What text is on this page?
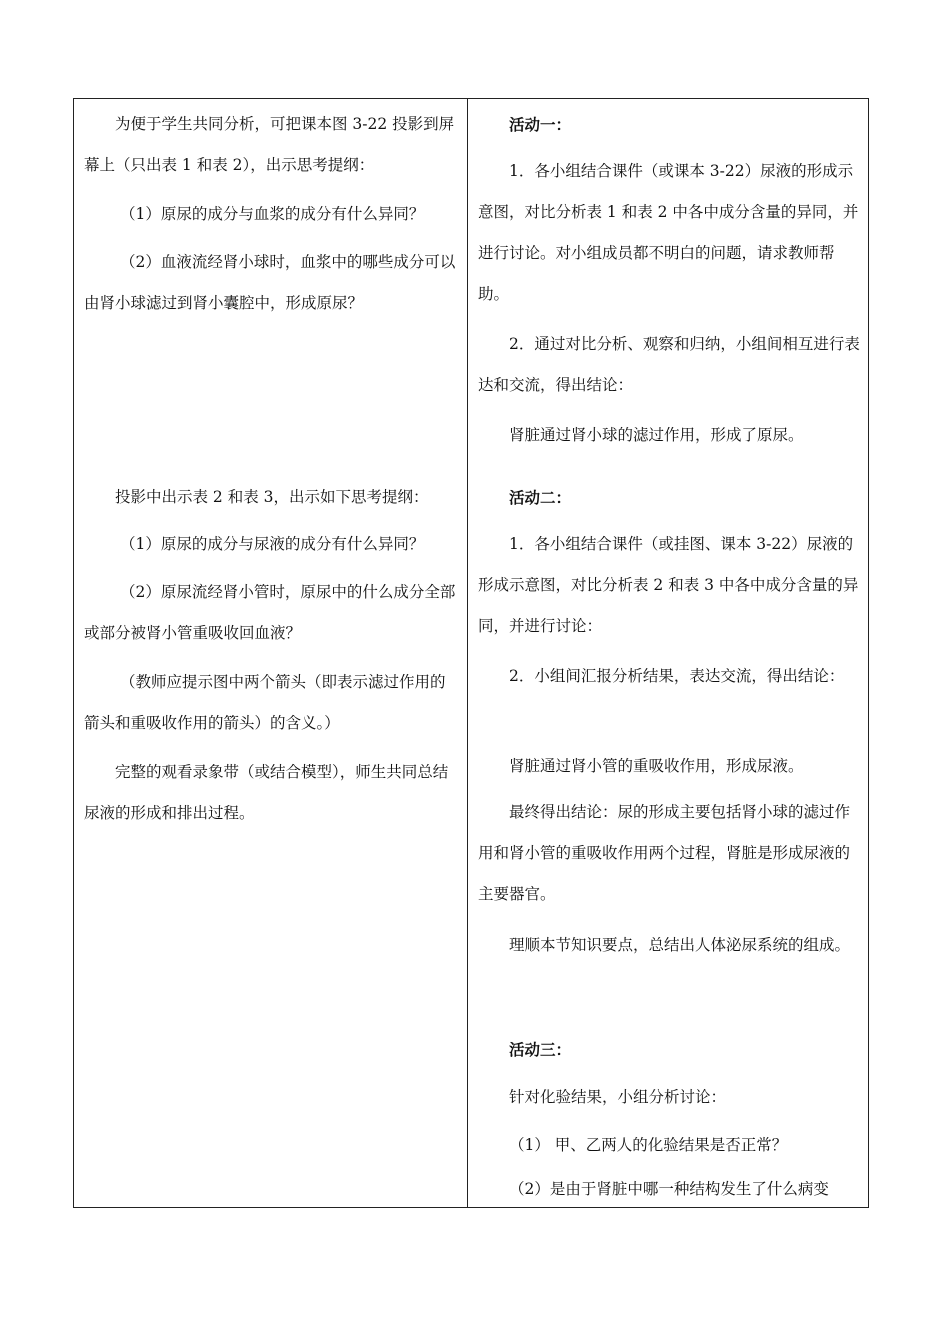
为便于学生共同分析，可把课本图 3-22 投影到屏幕上（只出表 1 和表 2），出示思考提纲：

（1）原尿的成分与血浆的成分有什么异同？

（2）血液流经肾小球时，血浆中的哪些成分可以由肾小球滤过到肾小囊腔中，形成原尿？

投影中出示表 2 和表 3，出示如下思考提纲：

（1）原尿的成分与尿液的成分有什么异同？

（2）原尿流经肾小管时，原尿中的什么成分全部或部分被肾小管重吸收回血液？

（教师应提示图中两个箭头（即表示滤过作用的箭头和重吸收作用的箭头）的含义。）

完整的观看录象带（或结合模型），师生共同总结尿液的形成和排出过程。

活动一：

1．各小组结合课件（或课本 3-22）尿液的形成示意图，对比分析表 1 和表 2 中各中成分含量的异同，并进行讨论。对小组成员都不明白的问题，请求教师帮助。

2．通过对比分析、观察和归纳，小组间相互进行表达和交流，得出结论：

肾脏通过肾小球的滤过作用，形成了原尿。

活动二：

1．各小组结合课件（或挂图、课本 3-22）尿液的形成示意图，对比分析表 2 和表 3 中各中成分含量的异同，并进行讨论：

2．小组间汇报分析结果，表达交流，得出结论：

肾脏通过肾小管的重吸收作用，形成尿液。

最终得出结论：尿的形成主要包括肾小球的滤过作用和肾小管的重吸收作用两个过程，肾脏是形成尿液的主要器官。

理顺本节知识要点，总结出人体泌尿系统的组成。

活动三：

针对化验结果，小组分析讨论：

（1） 甲、乙两人的化验结果是否正常？

（2）是由于肾脏中哪一种结构发生了什么病变
